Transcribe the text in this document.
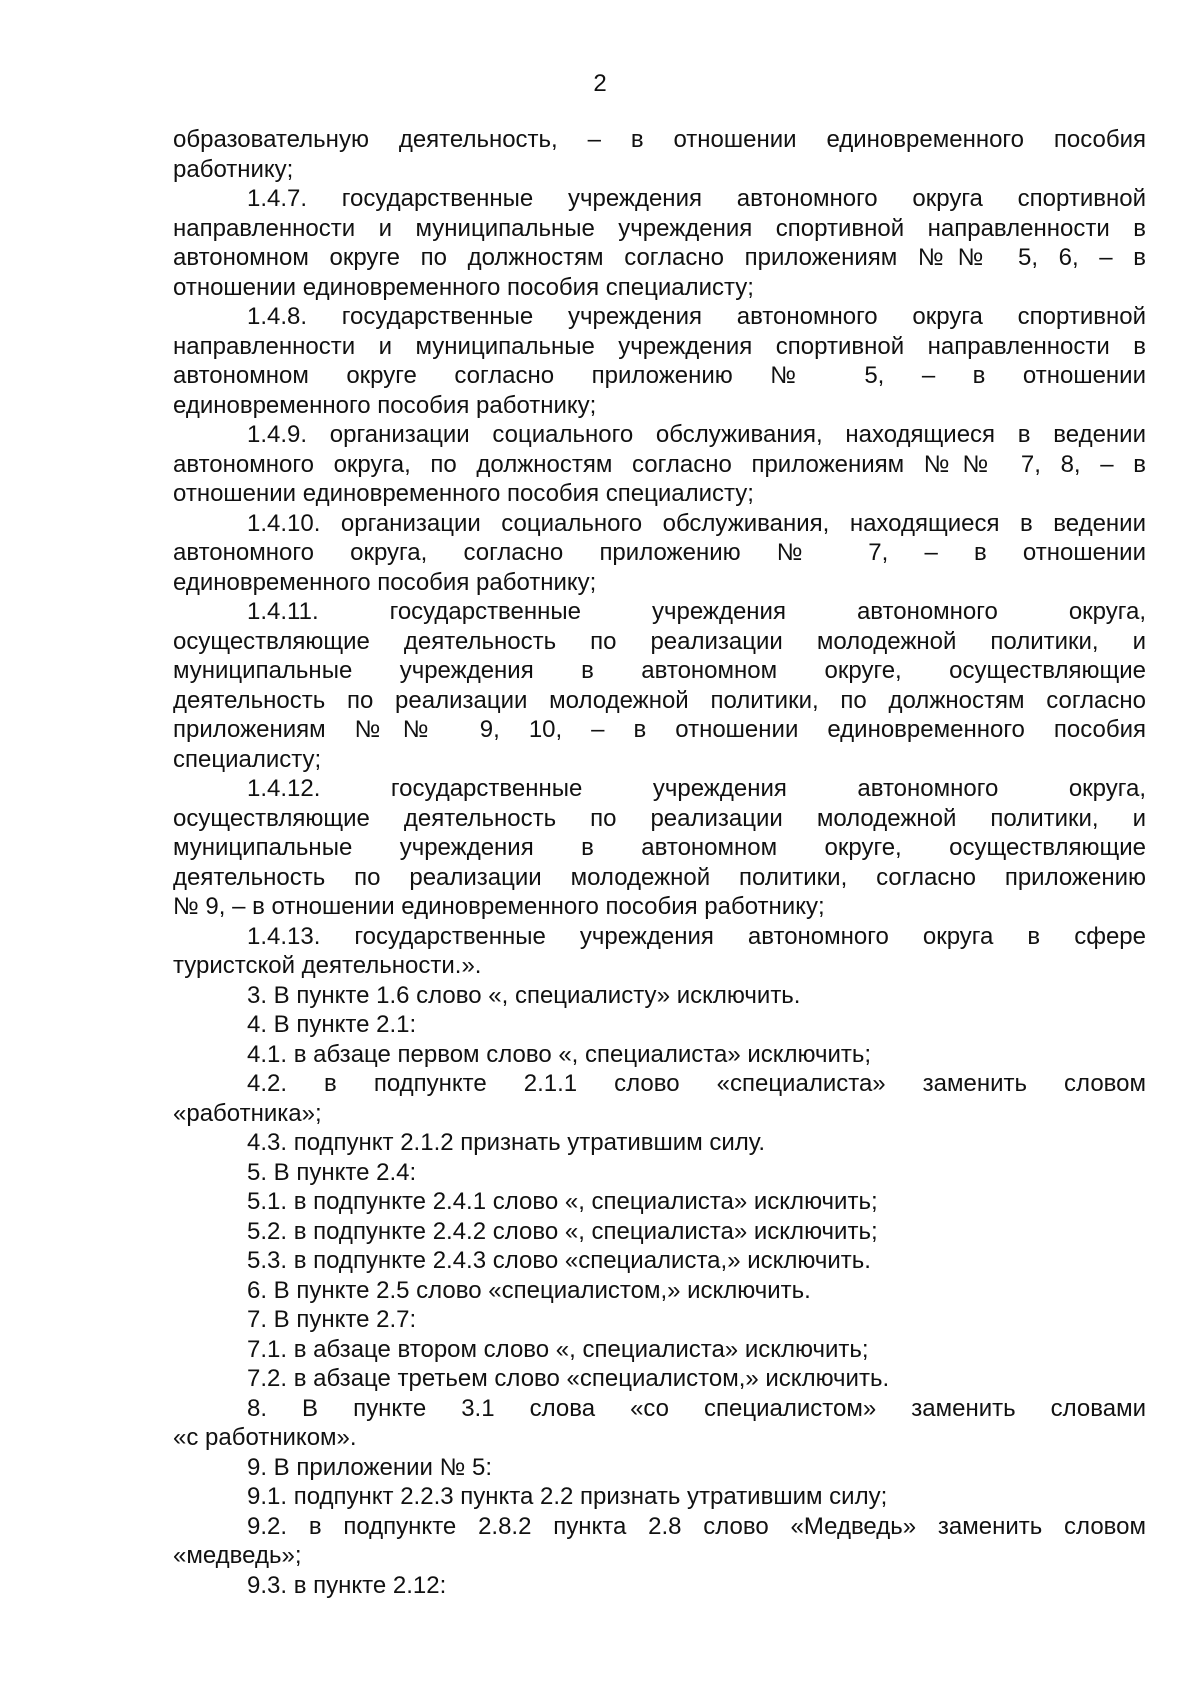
2
образовательную деятельность, – в отношении единовременного пособия
работнику;
1.4.7. государственные учреждения автономного округа спортивной
направленности и муниципальные учреждения спортивной направленности в
автономном округе по должностям согласно приложениям №№ 5, 6, – в
отношении единовременного пособия специалисту;
1.4.8. государственные учреждения автономного округа спортивной
направленности и муниципальные учреждения спортивной направленности в
автономном округе согласно приложению № 5, – в отношении
единовременного пособия работнику;
1.4.9. организации социального обслуживания, находящиеся в ведении
автономного округа, по должностям согласно приложениям №№ 7, 8, – в
отношении единовременного пособия специалисту;
1.4.10. организации социального обслуживания, находящиеся в ведении
автономного округа, согласно приложению № 7, – в отношении
единовременного пособия работнику;
1.4.11. государственные учреждения автономного округа,
осуществляющие деятельность по реализации молодежной политики, и
муниципальные учреждения в автономном округе, осуществляющие
деятельность по реализации молодежной политики, по должностям согласно
приложениям №№ 9, 10, – в отношении единовременного пособия
специалисту;
1.4.12. государственные учреждения автономного округа,
осуществляющие деятельность по реализации молодежной политики, и
муниципальные учреждения в автономном округе, осуществляющие
деятельность по реализации молодежной политики, согласно приложению
№ 9, – в отношении единовременного пособия работнику;
1.4.13. государственные учреждения автономного округа в сфере
туристской деятельности.».
3. В пункте 1.6 слово «, специалисту» исключить.
4. В пункте 2.1:
4.1. в абзаце первом слово «, специалиста» исключить;
4.2. в подпункте 2.1.1 слово «специалиста» заменить словом
«работника»;
4.3. подпункт 2.1.2 признать утратившим силу.
5. В пункте 2.4:
5.1. в подпункте 2.4.1 слово «, специалиста» исключить;
5.2. в подпункте 2.4.2 слово «, специалиста» исключить;
5.3. в подпункте 2.4.3 слово «специалиста,» исключить.
6. В пункте 2.5 слово «специалистом,» исключить.
7. В пункте 2.7:
7.1. в абзаце втором слово «, специалиста» исключить;
7.2. в абзаце третьем слово «специалистом,» исключить.
8. В пункте 3.1 слова «со специалистом» заменить словами
«с работником».
9. В приложении № 5:
9.1. подпункт 2.2.3 пункта 2.2 признать утратившим силу;
9.2. в подпункте 2.8.2 пункта 2.8 слово «Медведь» заменить словом
«медведь»;
9.3. в пункте 2.12:
